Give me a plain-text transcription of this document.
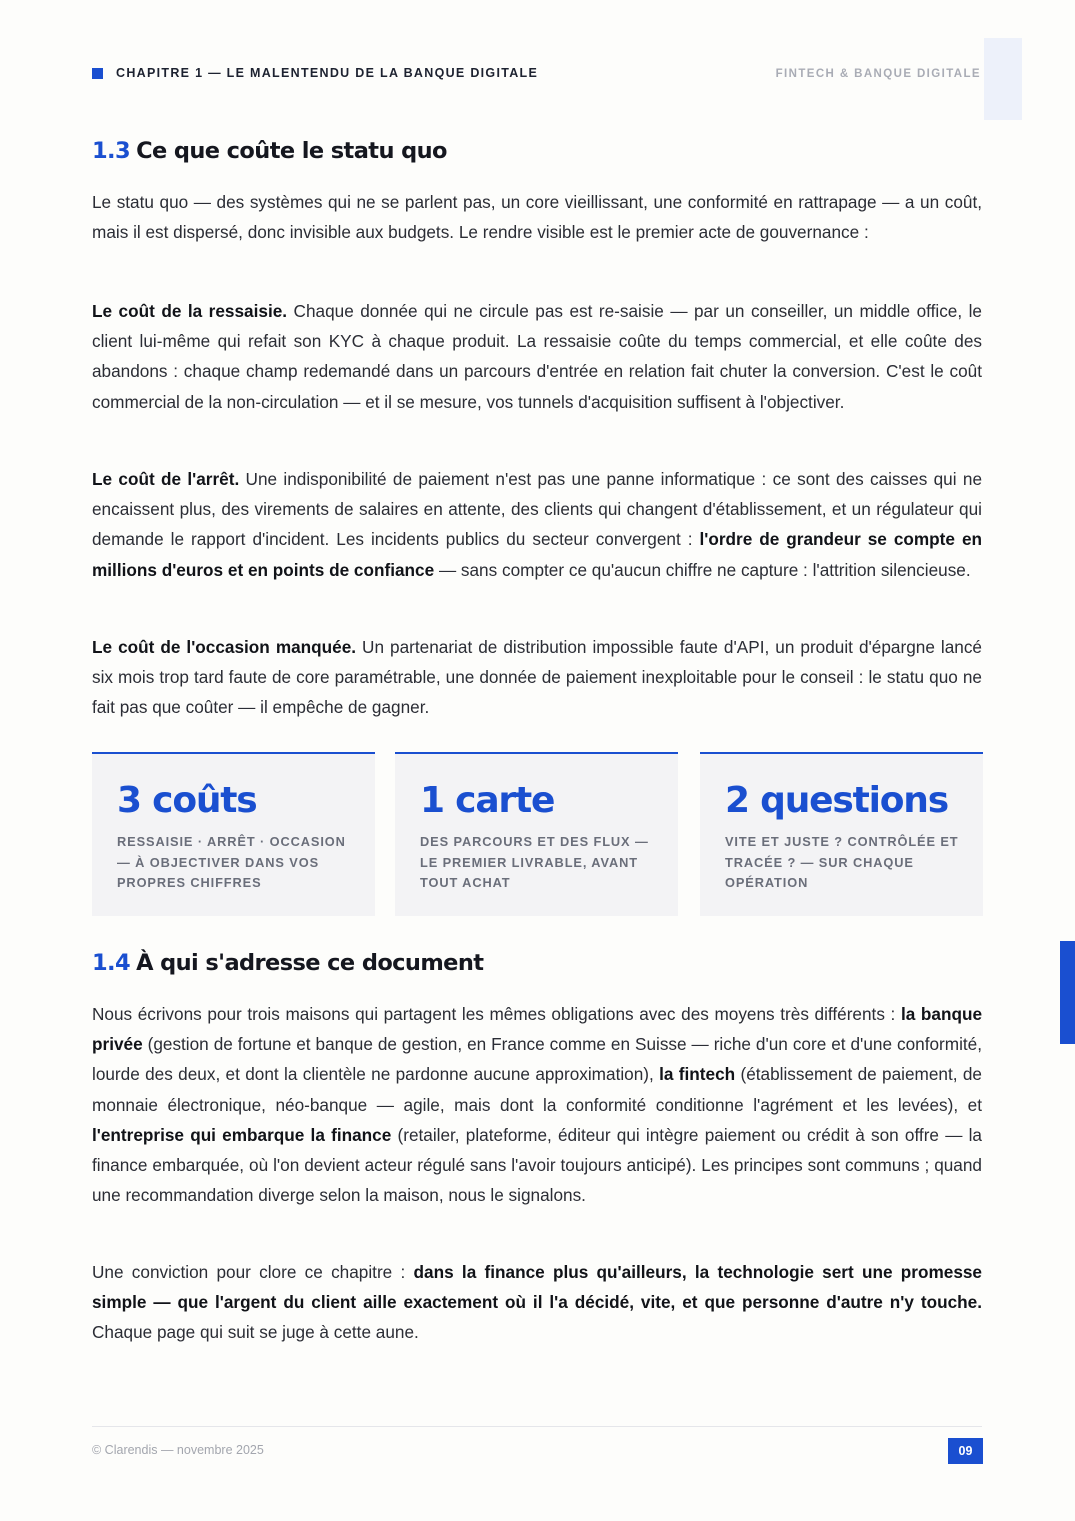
CHAPITRE 1 — LE MALENTENDU DE LA BANQUE DIGITALE	FINTECH & BANQUE DIGITALE
1.3 Ce que coûte le statu quo

Le statu quo — des systèmes qui ne se parlent pas, un core vieillissant, une conformité en rattrapage — a un coût, mais il est dispersé, donc invisible aux budgets. Le rendre visible est le premier acte de gouvernance :

Le coût de la ressaisie. Chaque donnée qui ne circule pas est re-saisie — par un conseiller, un middle office, le client lui-même qui refait son KYC à chaque produit. La ressaisie coûte du temps commercial, et elle coûte des abandons : chaque champ redemandé dans un parcours d'entrée en relation fait chuter la conversion. C'est le coût commercial de la non-circulation — et il se mesure, vos tunnels d'acquisition suffisent à l'objectiver.

Le coût de l'arrêt. Une indisponibilité de paiement n'est pas une panne informatique : ce sont des caisses qui ne encaissent plus, des virements de salaires en attente, des clients qui changent d'établissement, et un régulateur qui demande le rapport d'incident. Les incidents publics du secteur convergent : l'ordre de grandeur se compte en millions d'euros et en points de confiance — sans compter ce qu'aucun chiffre ne capture : l'attrition silencieuse.

Le coût de l'occasion manquée. Un partenariat de distribution impossible faute d'API, un produit d'épargne lancé six mois trop tard faute de core paramétrable, une donnée de paiement inexploitable pour le conseil : le statu quo ne fait pas que coûter — il empêche de gagner.

3 coûts
RESSAISIE · ARRÊT · OCCASION — À OBJECTIVER DANS VOS PROPRES CHIFFRES
1 carte
DES PARCOURS ET DES FLUX — LE PREMIER LIVRABLE, AVANT TOUT ACHAT
2 questions
VITE ET JUSTE ? CONTRÔLÉE ET TRACÉE ? — SUR CHAQUE OPÉRATION
1.4 À qui s'adresse ce document

Nous écrivons pour trois maisons qui partagent les mêmes obligations avec des moyens très différents : la banque privée (gestion de fortune et banque de gestion, en France comme en Suisse — riche d'un core et d'une conformité, lourde des deux, et dont la clientèle ne pardonne aucune approximation), la fintech (établissement de paiement, de monnaie électronique, néo-banque — agile, mais dont la conformité conditionne l'agrément et les levées), et l'entreprise qui embarque la finance (retailer, plateforme, éditeur qui intègre paiement ou crédit à son offre — la finance embarquée, où l'on devient acteur régulé sans l'avoir toujours anticipé). Les principes sont communs ; quand une recommandation diverge selon la maison, nous le signalons.

Une conviction pour clore ce chapitre : dans la finance plus qu'ailleurs, la technologie sert une promesse simple — que l'argent du client aille exactement où il l'a décidé, vite, et que personne d'autre n'y touche. Chaque page qui suit se juge à cette aune.

© Clarendis — novembre 2025	09
